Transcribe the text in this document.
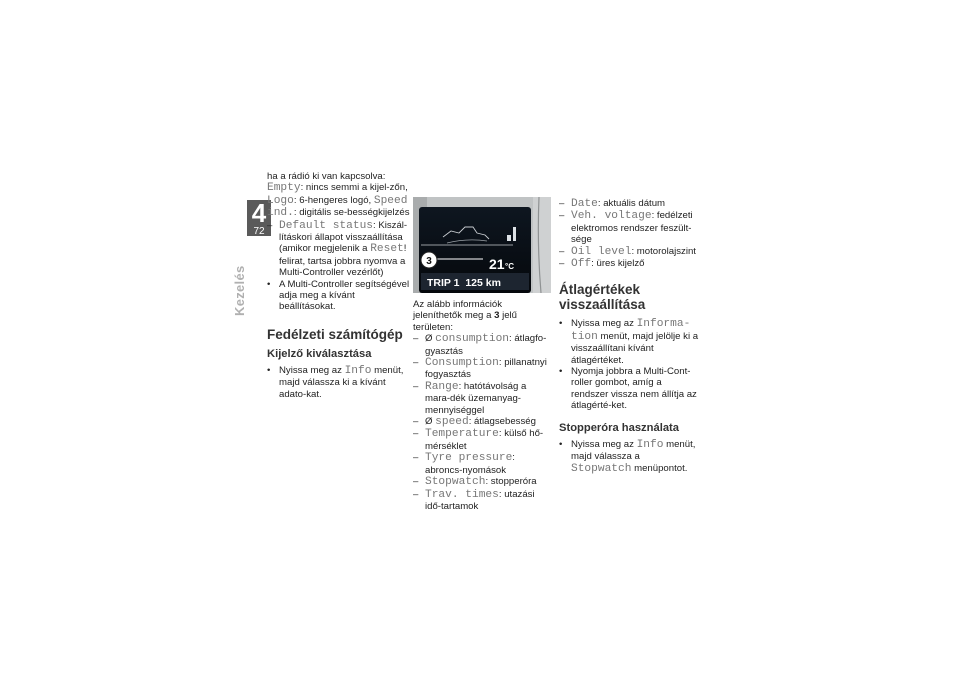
4
72
Kezelés

ha a rádió ki van kapcsolva: Empty: nincs semmi a kijel-zőn, Logo: 6-hengeres logó, Speed ind.: digitális se-bességkijelzés

– Default status: Kiszál-lításkori állapot visszaállítása (amikor megjelenik a Reset! felirat, tartsa jobbra nyomva a Multi-Controller vezérlőt)

• A Multi-Controller segítségével adja meg a kívánt beállításokat.

Fedélzeti számítógép
Kijelző kiválasztása
• Nyissa meg az Info menüt, majd válassza ki a kívánt adato-kat.

21 °C
TRIP 1  125 km
3

Az alább információk jeleníthetők meg a 3 jelű területen:

– Ø consumption: átlagfo-gyasztás

– Consumption: pillanatnyi fogyasztás

– Range: hatótávolság a mara-dék üzemanyag-mennyiséggel

– Ø speed: átlagsebesség

– Temperature: külső hő-mérséklet

– Tyre pressure: abroncs-nyomások

– Stopwatch: stopperóra

– Trav. times: utazási idő-tartamok

– Date: aktuális dátum

– Veh. voltage: fedélzeti elektromos rendszer feszült-sége

– Oil level: motorolajszint

– Off: üres kijelző

Átlagértékek visszaállítása
• Nyissa meg az Informa-tion menüt, majd jelölje ki a visszaállítani kívánt átlagértéket.

• Nyomja jobbra a Multi-Cont-roller gombot, amíg a rendszer vissza nem állítja az átlagérté-ket.

Stopperóra használata
• Nyissa meg az Info menüt, majd válassza a Stopwatch menüpontot.
